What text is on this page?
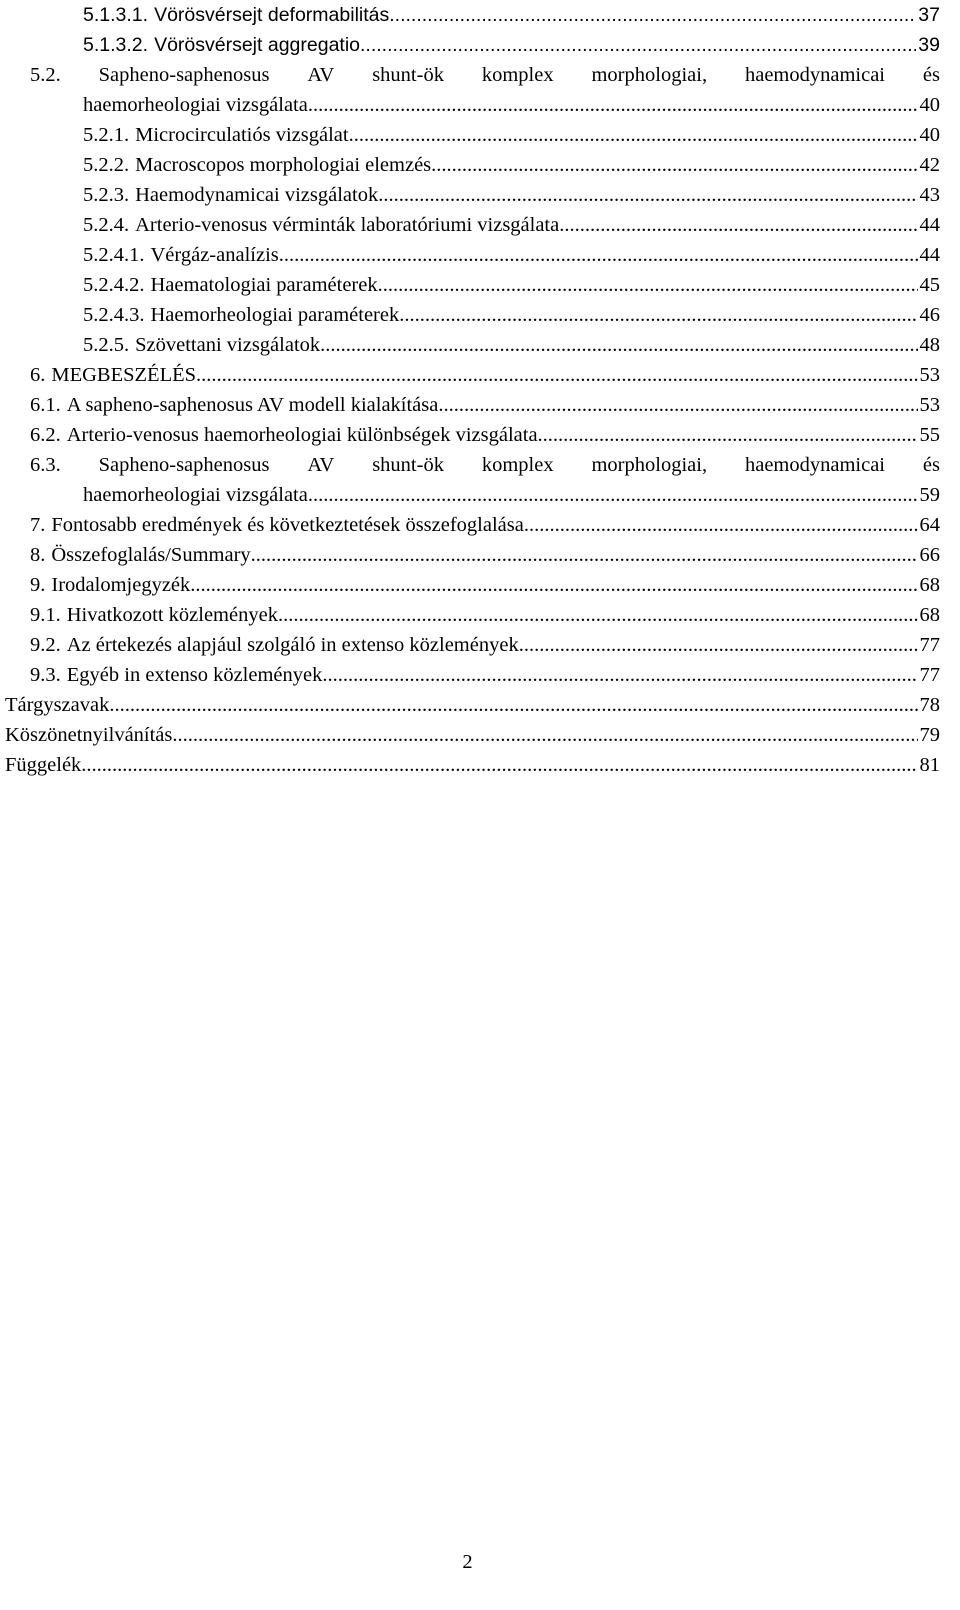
5.1.3.1. Vörösvérsejt deformabilitás .....	37
5.1.3.2. Vörösvérsejt aggregatio .....	39
5.2. Sapheno-saphenosus AV shunt-ök komplex morphologiai, haemodynamicai és
haemorheologiai vizsgálata .....	40
5.2.1. Microcirculatiós vizsgálat .....	40
5.2.2. Macroscopos morphologiai elemzés .....	42
5.2.3. Haemodynamicai vizsgálatok .....	43
5.2.4. Arterio-venosus vérminták laboratóriumi vizsgálata .....	44
5.2.4.1. Vérgáz-analízis .....	44
5.2.4.2. Haematologiai paraméterek .....	45
5.2.4.3. Haemorheologiai paraméterek .....	46
5.2.5. Szövettani vizsgálatok .....	48
6. MEGBESZÉLÉS .....	53
6.1. A sapheno-saphenosus AV modell kialakítása .....	53
6.2. Arterio-venosus haemorheologiai különbségek vizsgálata .....	55
6.3. Sapheno-saphenosus AV shunt-ök komplex morphologiai, haemodynamicai és
haemorheologiai vizsgálata .....	59
7. Fontosabb eredmények és következtetések összefoglalása .....	64
8. Összefoglalás/Summary .....	66
9. Irodalomjegyzék .....	68
9.1. Hivatkozott közlemények .....	68
9.2. Az értekezés alapjául szolgáló in extenso közlemények .....	77
9.3. Egyéb in extenso közlemények .....	77
Tárgyszavak .....	78
Köszönetnyilvánítás .....	79
Függelék .....	81
2
